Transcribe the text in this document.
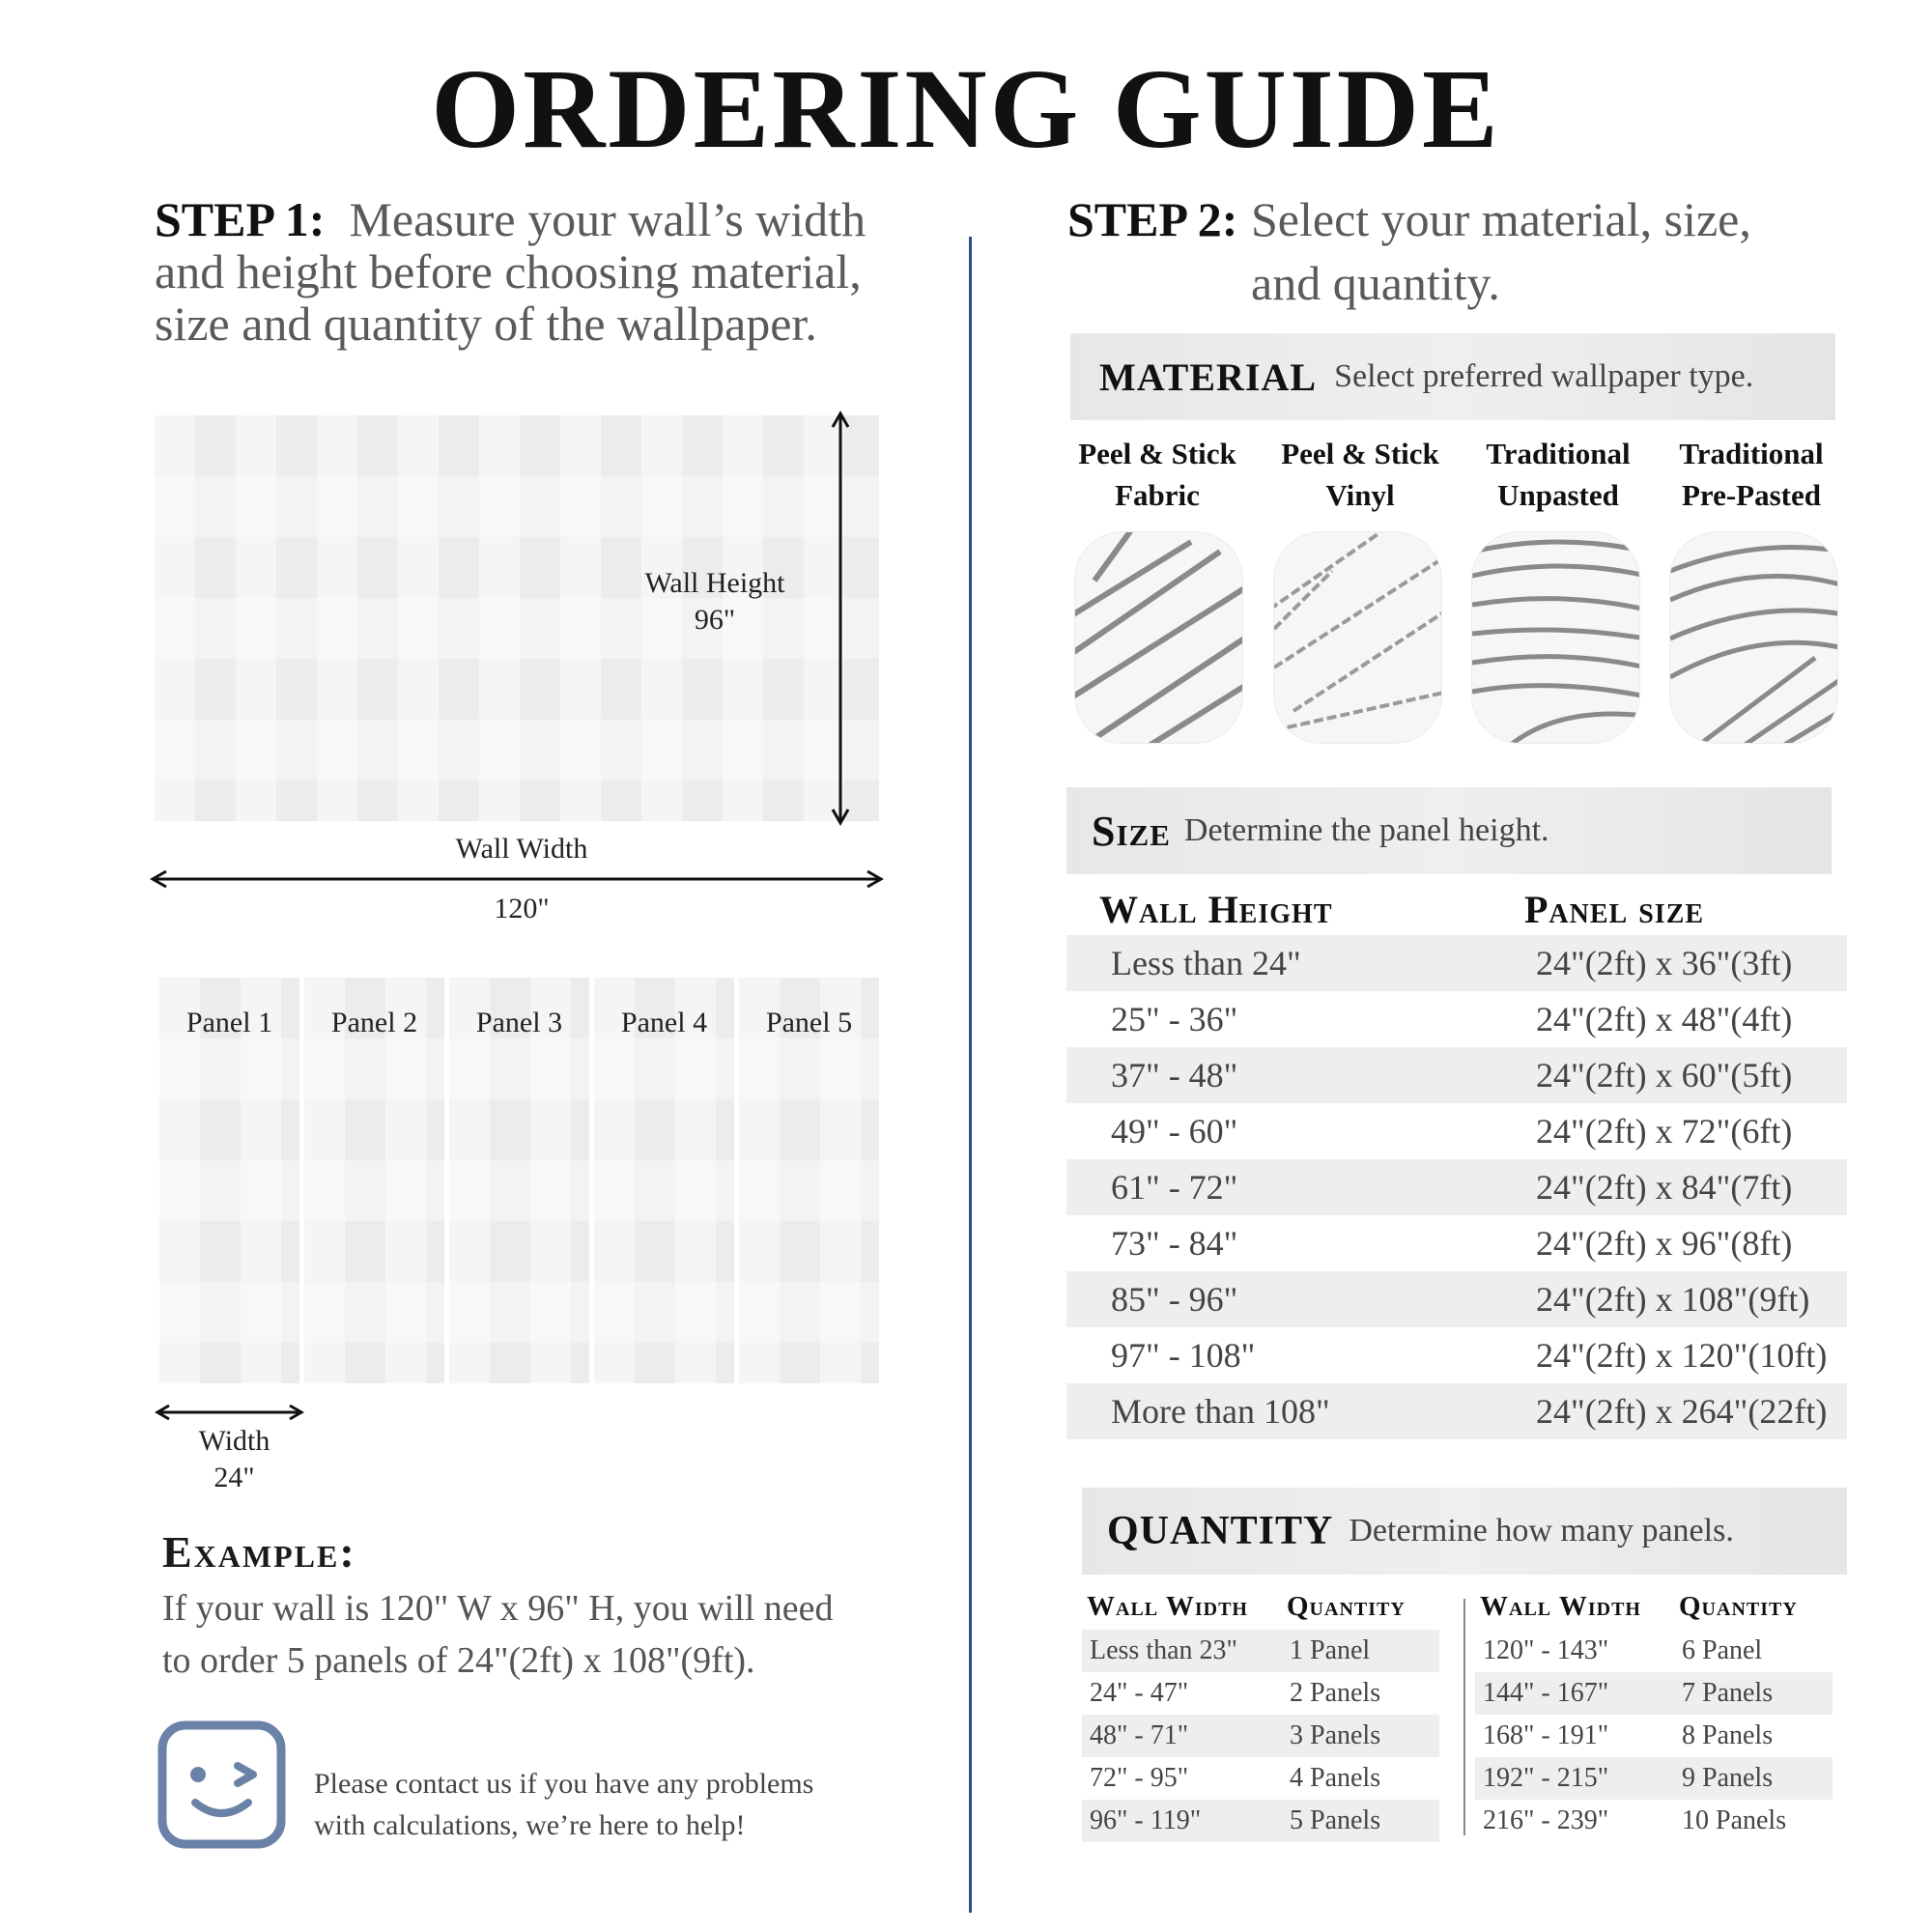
ORDERING GUIDE
STEP 1: Measure your wall’s width
and height before choosing material,
size and quantity of the wallpaper.
Wall Height
96"
Wall Width
120"
Panel 1	Panel 2	Panel 3	Panel 4	Panel 5
Width
24"
Example:
If your wall is 120" W x 96" H, you will need
to order 5 panels of 24"(2ft) x 108"(9ft).
Please contact us if you have any problems
with calculations, we’re here to help!
STEP 2: Select your material, size,
and quantity.
MATERIAL Select preferred wallpaper type.
Peel & Stick
Fabric
Peel & Stick
Vinyl
Traditional
Unpasted
Traditional
Pre-Pasted
Size Determine the panel height.
Wall Height	Panel size
Less than 24"	24"(2ft) x 36"(3ft)
25" - 36"	24"(2ft) x 48"(4ft)
37" - 48"	24"(2ft) x 60"(5ft)
49" - 60"	24"(2ft) x 72"(6ft)
61" - 72"	24"(2ft) x 84"(7ft)
73" - 84"	24"(2ft) x 96"(8ft)
85" - 96"	24"(2ft) x 108"(9ft)
97" - 108"	24"(2ft) x 120"(10ft)
More than 108"	24"(2ft) x 264"(22ft)
QUANTITY Determine how many panels.
Wall Width Quantity
Less than 23"	1 Panel
24" - 47"	2 Panels
48" - 71"	3 Panels
72" - 95"	4 Panels
96" - 119"	5 Panels
Wall Width Quantity
120" - 143"	6 Panel
144" - 167"	7 Panels
168" - 191"	8 Panels
192" - 215"	9 Panels
216" - 239"	10 Panels
